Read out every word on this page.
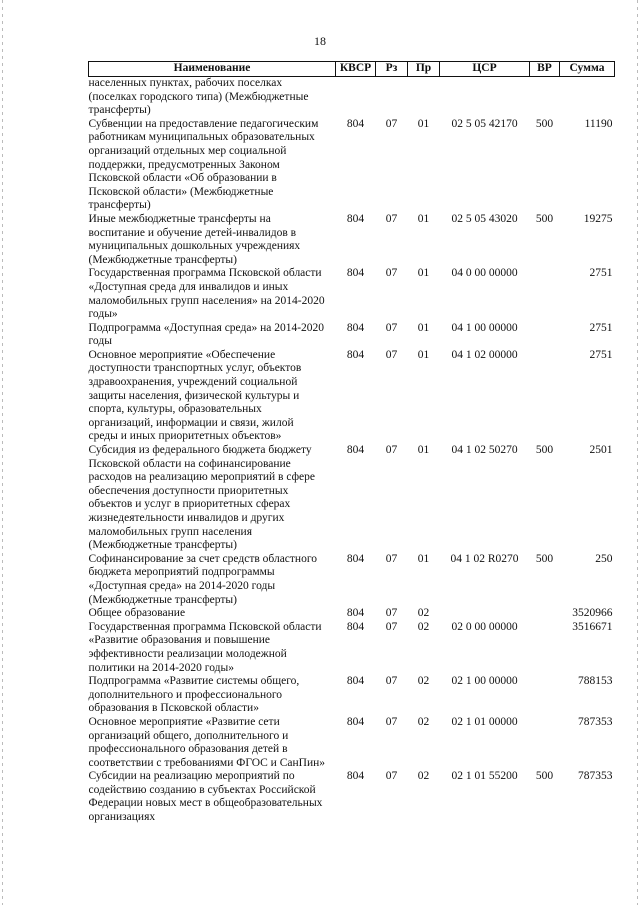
18
Наименование	КВСР	Рз	Пр	ЦСР	ВР	Сумма
населенных пунктах, рабочих поселках (поселках городского типа) (Межбюджетные трансферты)						
Субвенции на предоставление педагогическим работникам муниципальных образовательных организаций отдельных мер социальной поддержки, предусмотренных Законом Псковской области «Об образовании в Псковской области» (Межбюджетные трансферты)	804	07	01	02 5 05 42170	500	11190
Иные межбюджетные трансферты на воспитание и обучение детей-инвалидов в муниципальных дошкольных учреждениях (Межбюджетные трансферты)	804	07	01	02 5 05 43020	500	19275
Государственная программа Псковской области «Доступная среда для инвалидов и иных маломобильных групп населения» на 2014-2020 годы»	804	07	01	04 0 00 00000		2751
Подпрограмма «Доступная среда» на 2014-2020 годы	804	07	01	04 1 00 00000		2751
Основное мероприятие «Обеспечение доступности транспортных услуг, объектов здравоохранения, учреждений социальной защиты населения, физической культуры и спорта, культуры, образовательных организаций, информации и связи, жилой среды и иных приоритетных объектов»	804	07	01	04 1 02 00000		2751
Субсидия из федерального бюджета бюджету Псковской области на софинансирование расходов на реализацию мероприятий в сфере обеспечения доступности приоритетных объектов и услуг в приоритетных сферах жизнедеятельности инвалидов и других маломобильных групп населения (Межбюджетные трансферты)	804	07	01	04 1 02 50270	500	2501
Софинансирование за счет средств областного бюджета мероприятий подпрограммы «Доступная среда» на 2014-2020 годы (Межбюджетные трансферты)	804	07	01	04 1 02 R0270	500	250
Общее образование	804	07	02			3520966
Государственная программа Псковской области «Развитие образования и повышение эффективности реализации молодежной политики на 2014-2020 годы»	804	07	02	02 0 00 00000		3516671
Подпрограмма «Развитие системы общего, дополнительного и профессионального образования в Псковской области»	804	07	02	02 1 00 00000		788153
Основное мероприятие «Развитие сети организаций общего, дополнительного и профессионального образования детей в соответствии с требованиями ФГОС и СанПин»	804	07	02	02 1 01 00000		787353
Субсидии на реализацию мероприятий по содействию созданию в субъектах Российской Федерации новых мест в общеобразовательных организациях	804	07	02	02 1 01 55200	500	787353
